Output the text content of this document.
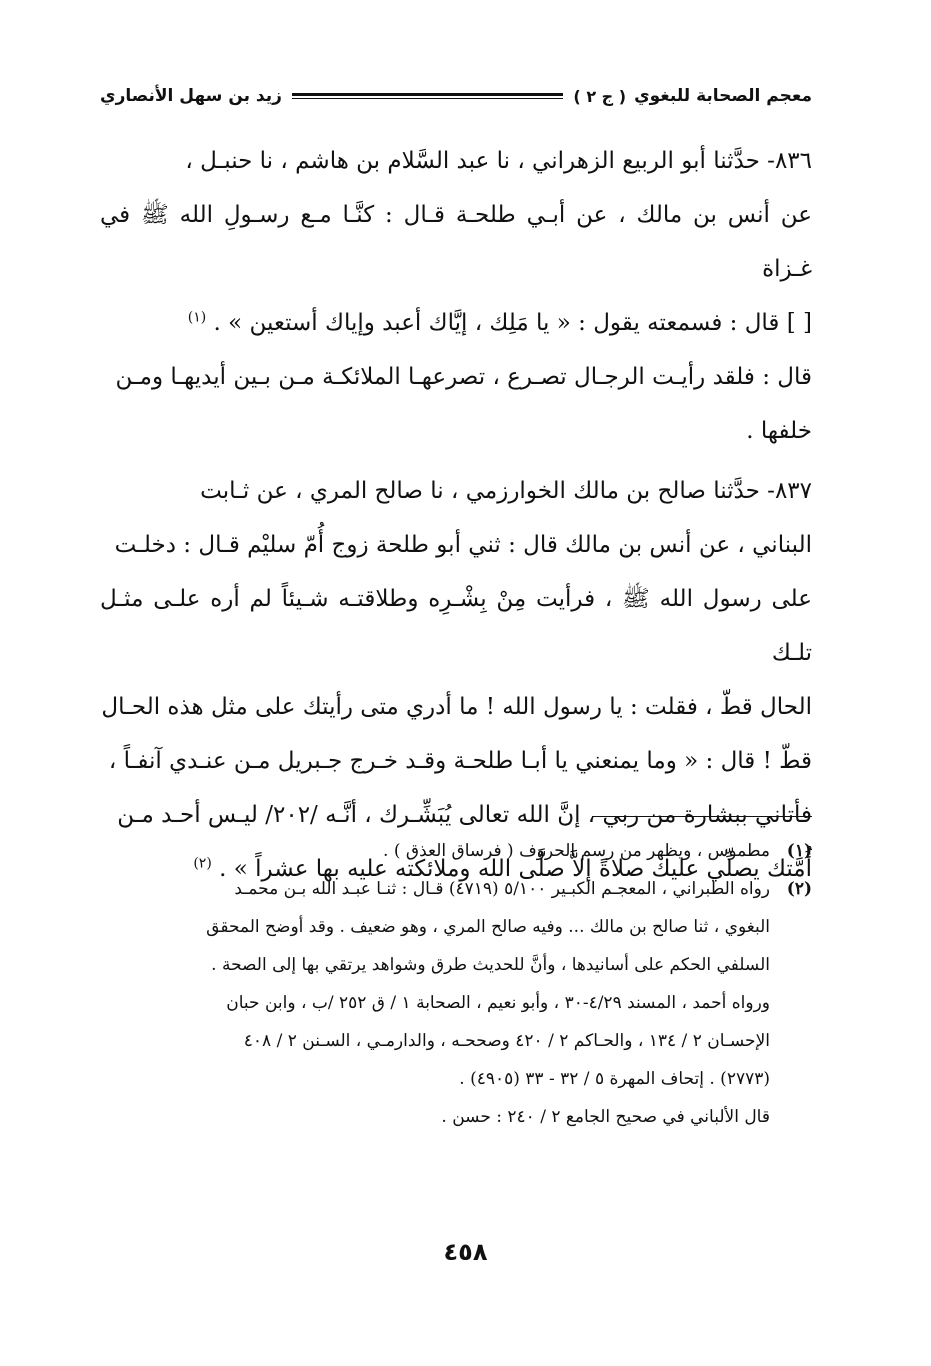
معجم الصحابة للبغوي
( ج ٢ )
زيد بن سهل الأنصاري
٨٣٦- حدَّثنا أبو الربيع الزهراني ، نا عبد السَّلام بن هاشم ، نا حنبـل ،
عن أنس بن مالك ، عن أبـي طلحـة قـال : كنَّـا مـع رسـولِ الله ﷺ في غـزاة
[ ] قال : فسمعته يقول : « يا مَلِك ، إيَّاك أعبد وإياك أستعين » . $^{(١)}$
قال : فلقد رأيـت الرجـال تصـرع ، تصرعهـا الملائكـة مـن بـين أيديهـا ومـن
خلفها .
٨٣٧- حدَّثنا صالح بن مالك الخوارزمي ، نا صالح المري ، عن ثـابت
البناني ، عن أنس بن مالك قال : ثني أبو طلحة زوج أُمّ سليْم قـال : دخلـت
على رسول الله ﷺ ، فرأيت مِنْ بِشْـرِه وطلاقتـه شـيئاً لم أره علـى مثـل تلـك
الحال قطّ ، فقلت : يا رسول الله ! ما أدري متى رأيتك على مثل هذه الحـال
قطّ ! قال : « وما يمنعني يا أبـا طلحـة وقـد خـرج جـبريل مـن عنـدي آنفـاً ،
فأتاني ببشارة من ربي ، إنَّ الله تعالى يُبَشِّـرك ، أنَّـه /٢٠٢/ ليـس أحـد مـن
أُمَّتك يصلِّي عليك صلاةً إلاَّ صلَّى الله وملائكته عليه بها عشراً » . $^{(٢)}$
(١)
مطموس ، ويظهر من رسم الحروف ( فرساق العذق ) .
(٢)
رواه الطبراني ، المعجـم الكبـير ٥/١٠٠ (٤٧١٩) قـال : ثنـا عبـد الله بـن محمـد
البغوي ، ثنا صالح بن مالك ... وفيه صالح المري ، وهو ضعيف . وقد أوضح المحقق
السلفي الحكم على أسانيدها ، وأنَّ للحديث طرق وشواهد يرتقي بها إلى الصحة .
ورواه أحمد ، المسند ٤/٢٩-٣٠ ، وأبو نعيم ، الصحابة ١ / ق ٢٥٢ /ب ، وابن حبان
الإحسـان ٢ / ١٣٤ ، والحـاكم ٢ / ٤٢٠ وصححـه ، والدارمـي ، السـنن ٢ / ٤٠٨
(٢٧٧٣) . إتحاف المهرة ٥ / ٣٢ - ٣٣ (٤٩٠٥) .
قال الألباني في صحيح الجامع ٢ / ٢٤٠ : حسن .
٤٥٨
